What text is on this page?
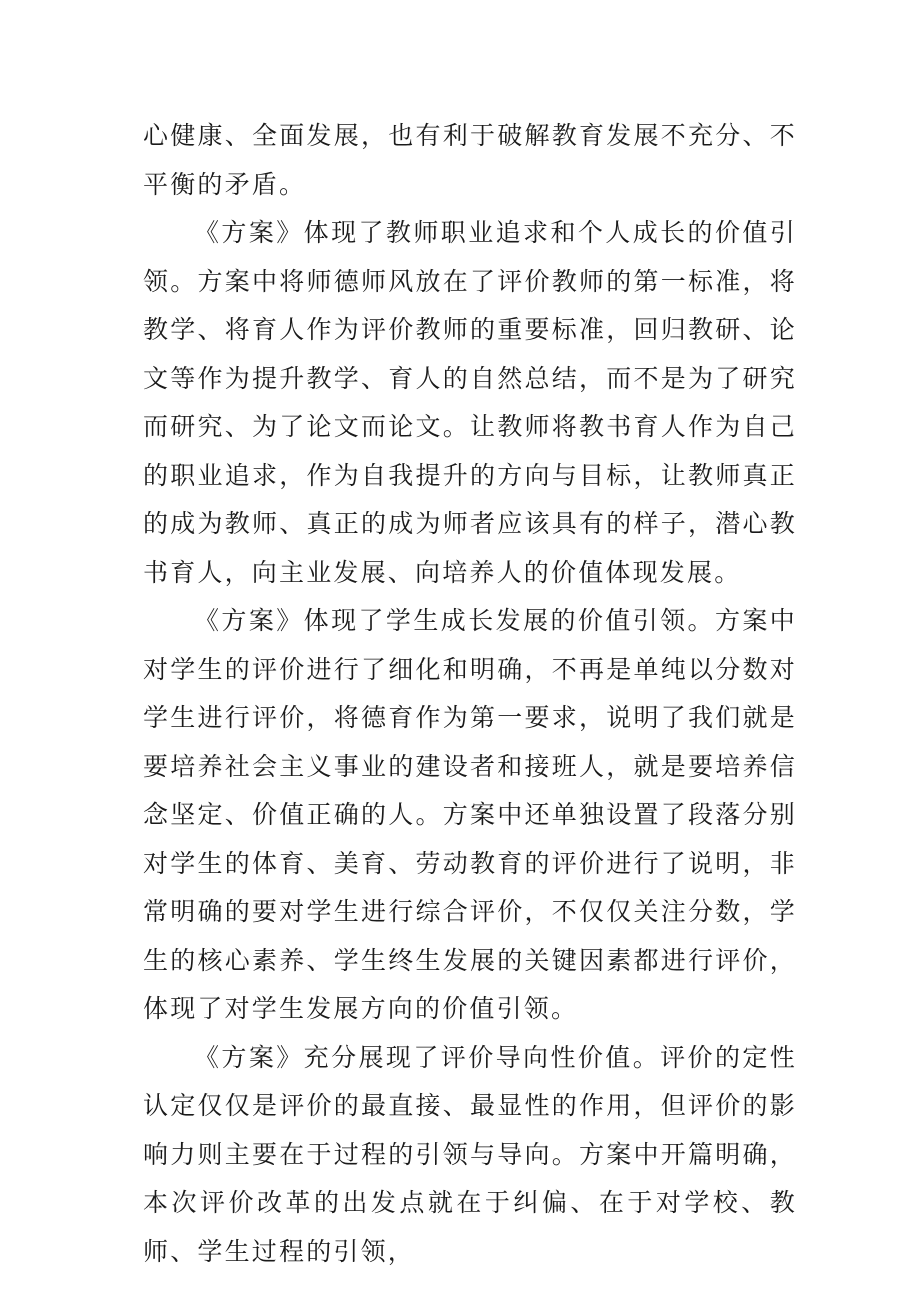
心健康、全面发展，也有利于破解教育发展不充分、不平衡的矛盾。

《方案》体现了教师职业追求和个人成长的价值引领。方案中将师德师风放在了评价教师的第一标准，将教学、将育人作为评价教师的重要标准，回归教研、论文等作为提升教学、育人的自然总结，而不是为了研究而研究、为了论文而论文。让教师将教书育人作为自己的职业追求，作为自我提升的方向与目标，让教师真正的成为教师、真正的成为师者应该具有的样子，潜心教书育人，向主业发展、向培养人的价值体现发展。

《方案》体现了学生成长发展的价值引领。方案中对学生的评价进行了细化和明确，不再是单纯以分数对学生进行评价，将德育作为第一要求，说明了我们就是要培养社会主义事业的建设者和接班人，就是要培养信念坚定、价值正确的人。方案中还单独设置了段落分别对学生的体育、美育、劳动教育的评价进行了说明，非常明确的要对学生进行综合评价，不仅仅关注分数，学生的核心素养、学生终生发展的关键因素都进行评价，体现了对学生发展方向的价值引领。

《方案》充分展现了评价导向性价值。评价的定性认定仅仅是评价的最直接、最显性的作用，但评价的影响力则主要在于过程的引领与导向。方案中开篇明确，本次评价改革的出发点就在于纠偏、在于对学校、教师、学生过程的引领，
